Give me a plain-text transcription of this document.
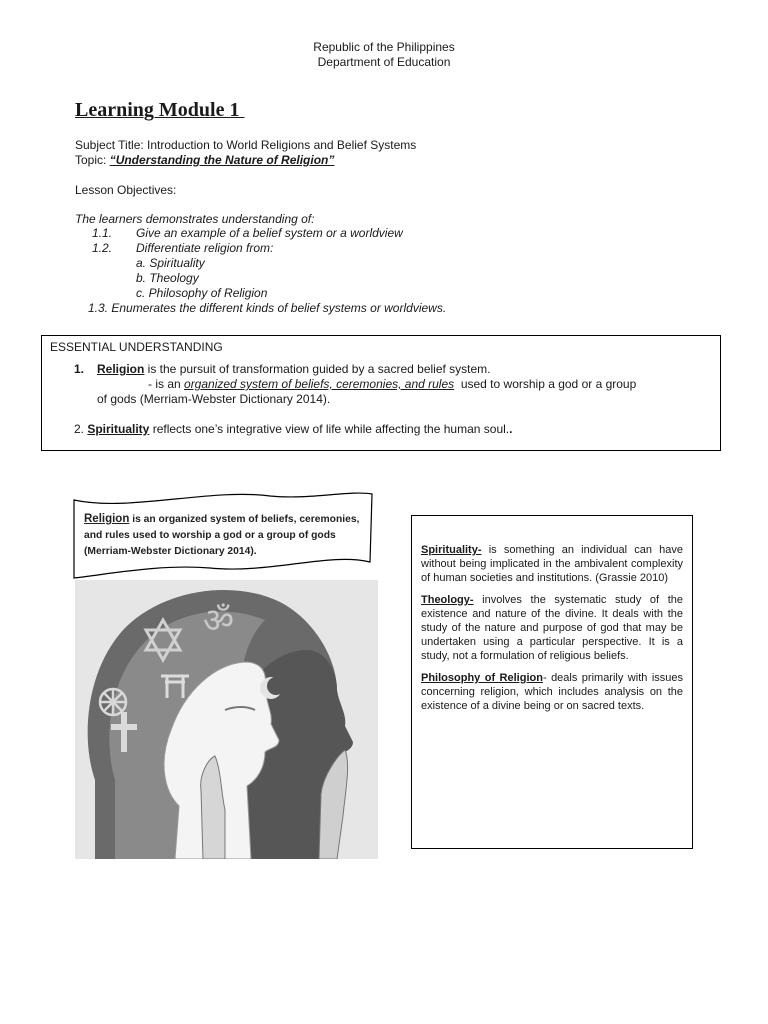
Republic of the Philippines
Department of Education
Learning Module 1
Subject Title: Introduction to World Religions and Belief Systems
Topic: “Understanding the Nature of Religion”
Lesson Objectives:
The learners demonstrates understanding of:
1.1. Give an example of a belief system or a worldview
1.2. Differentiate religion from:
a. Spirituality
b. Theology
c. Philosophy of Religion
1.3. Enumerates the different kinds of belief systems or worldviews.
ESSENTIAL UNDERSTANDING
1. Religion is the pursuit of transformation guided by a sacred belief system.
- is an organized system of beliefs, ceremonies, and rules  used to worship a god or a group
of gods (Merriam-Webster Dictionary 2014).
2. Spirituality reflects one’s integrative view of life while affecting the human soul..
Religion is an organized system of beliefs, ceremonies, and rules used to worship a god or a group of gods (Merriam-Webster Dictionary 2014).
ॐ

Spirituality- is something an individual can have without being implicated in the ambivalent complexity of human societies and institutions. (Grassie 2010)

Theology- involves the systematic study of the existence and nature of the divine. It deals with the study of the nature and purpose of god that may be undertaken using a particular perspective. It is a study, not a formulation of religious beliefs.

Philosophy of Religion- deals primarily with issues concerning religion, which includes analysis on the existence of a divine being or on sacred texts.
